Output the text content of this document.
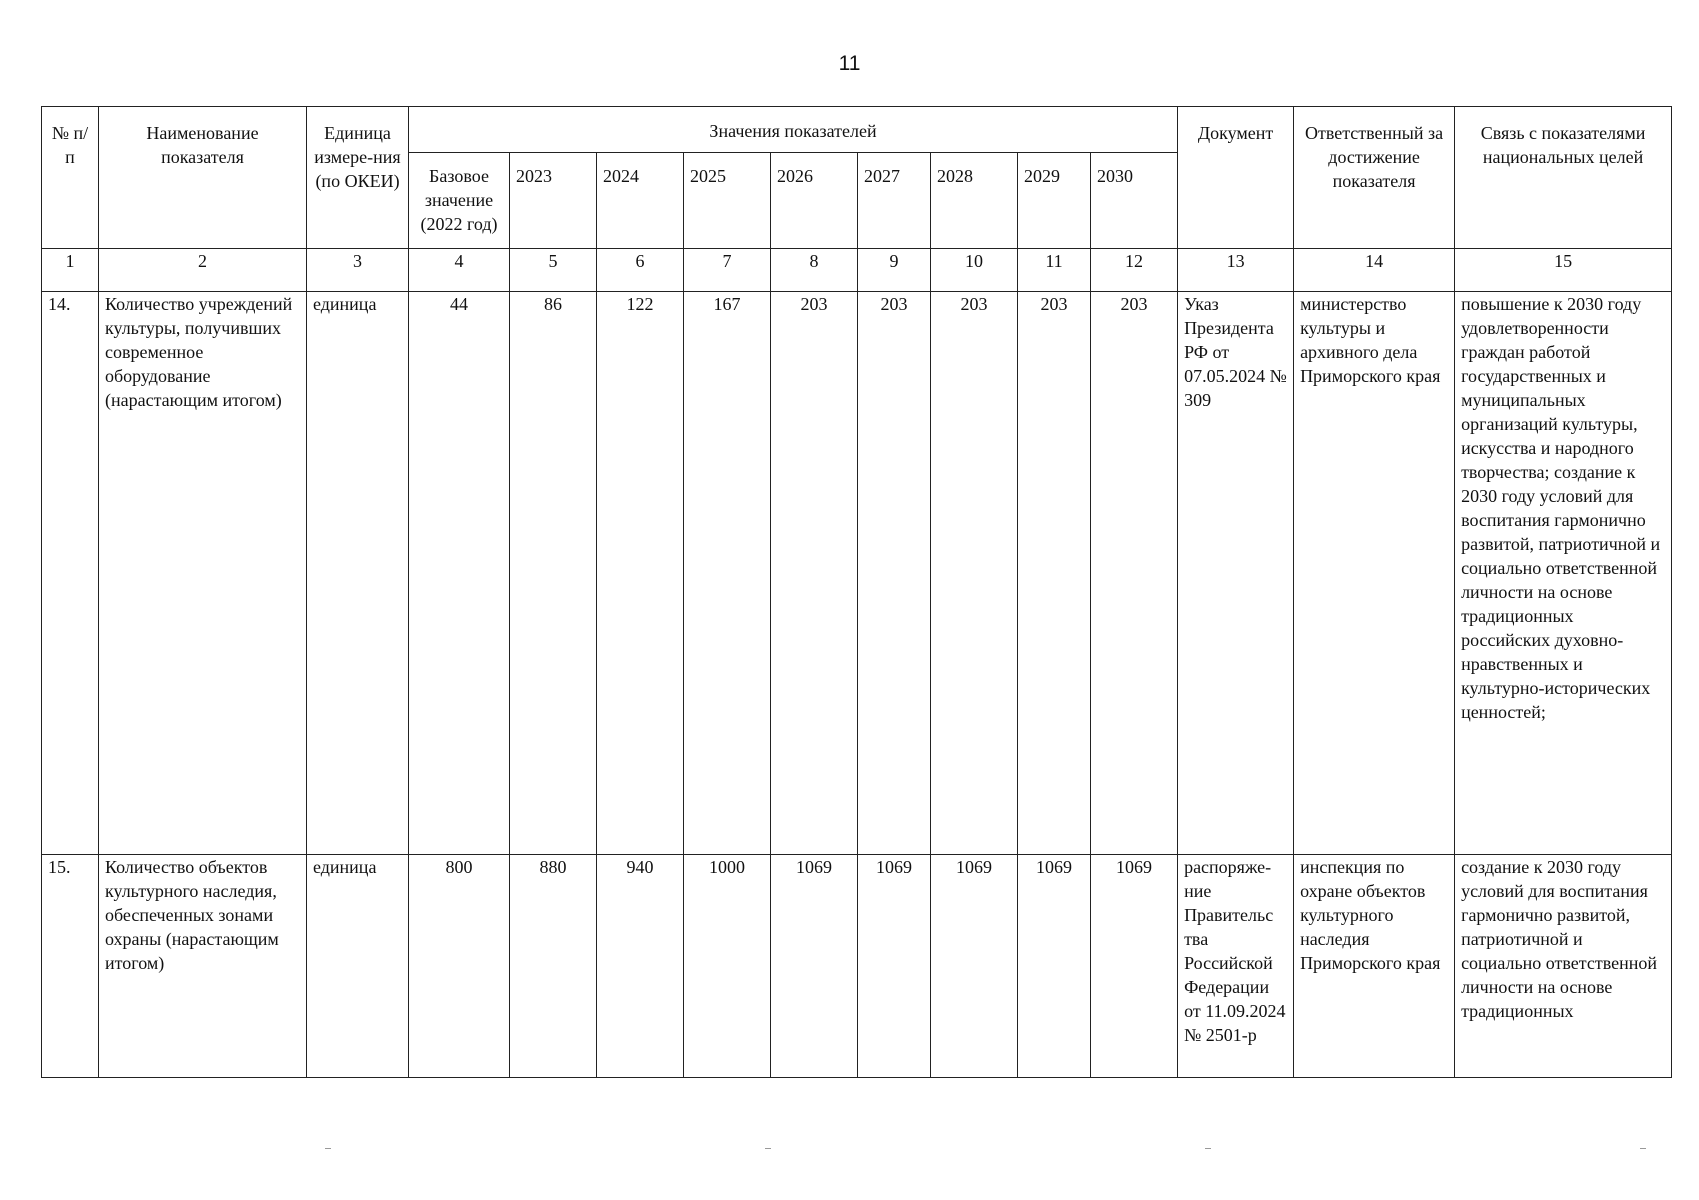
11
№ п/п	Наименование показателя	Единица измере-ния (по ОКЕИ)	Значения показателей									Документ	Ответственный за достижение показателя	Связь с показателями национальных целей
			Базовое значение (2022 год)	2023	2024	2025	2026	2027	2028	2029	2030			
1	2	3	4	5	6	7	8	9	10	11	12	13	14	15
14.	Количество учреждений культуры, получивших современное оборудование (нарастающим итогом)	единица	44	86	122	167	203	203	203	203	203	Указ Президента РФ от 07.05.2024 № 309	министерство культуры и архивного дела Приморского края	повышение к 2030 году удовлетворенности граждан работой государственных и муниципальных организаций культуры, искусства и народного творчества; создание к 2030 году условий для воспитания гармонично развитой, патриотичной и социально ответственной личности на основе традиционных российских духовно-нравственных и культурно-исторических ценностей;
15.	Количество объектов культурного наследия, обеспеченных зонами охраны (нарастающим итогом)	единица	800	880	940	1000	1069	1069	1069	1069	1069	распоряже-ние Правительс тва Российской Федерации от 11.09.2024 № 2501-р	инспекция по охране объектов культурного наследия Приморского края	создание к 2030 году условий для воспитания гармонично развитой, патриотичной и социально ответственной личности на основе традиционных
